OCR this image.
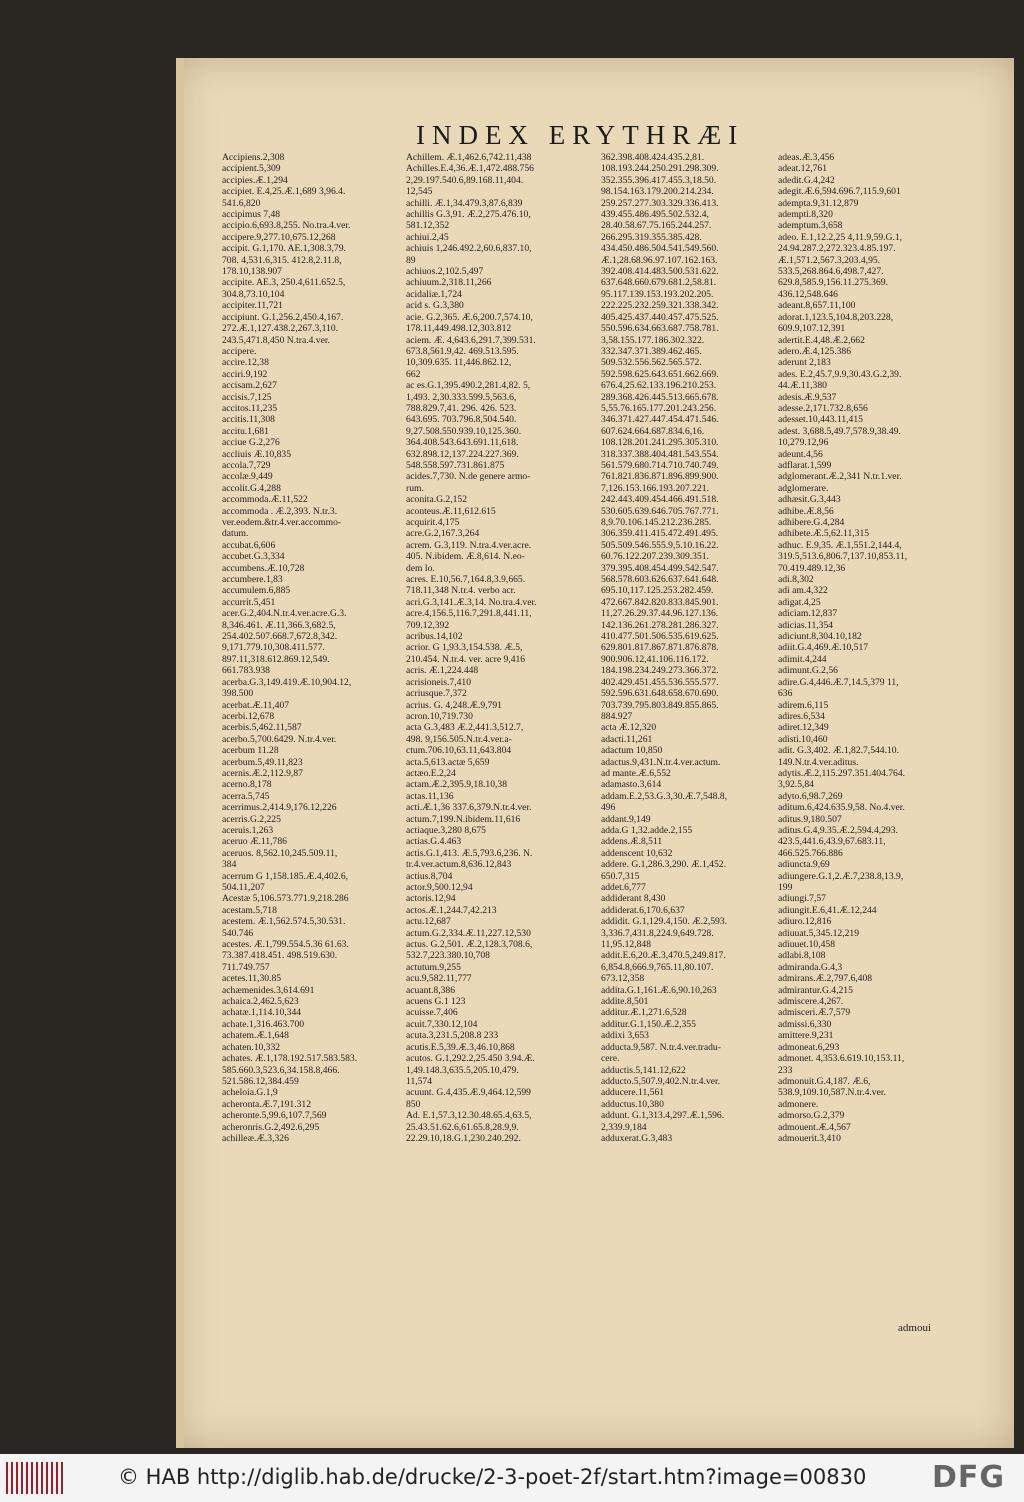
INDEX ERYTHRÆI

Accipiens.2,308

accipient.5,309

accipies.Æ.1,294

accipiet. E.4,25.Æ.1,689 3,96.4.

541.6,820

accipimus 7,48

accipio.6,693.8,255. No.tra.4.ver.

accipere.9,277.10,675.12,268

accipit. G.1,170. AE.1,308.3,79.

708. 4,531.6,315. 412.8,2.11.8,

178.10,138.907

accipite. AE.3, 250.4,611.652.5,

304.8,73.10,104

accipiter.11,721

accipiunt. G.1,256.2,450.4,167.

272.Æ.1,127.438.2,267.3,110.

243.5,471.8,450 N.tra.4.ver.

accipere.

accire.12,38

acciri.9,192

accisam.2,627

accisis.7,125

accitos.11,235

accitis.11,308

accitu.1,681

acciue G.2,276

accliuis Æ.10,835

accola.7,729

accolæ.9,449

accolit.G.4,288

accommoda.Æ.11,522

accommoda . Æ.2,393. N.tr.3.

ver.eodem.&tr.4.ver.accommo-

datum.

accubat.6,606

accubet.G.3,334

accumbens.Æ.10,728

accumbere.1,83

accumulem.6,885

accurrit.5,451

acer.G.2,404.N.tr.4.ver.acre.G.3.

8,346.461. Æ.11,366.3,682.5,

254.402.507.668.7,672.8,342.

9,171.779.10,308.411.577.

897.11,318.612.869.12,549.

661.783.938

acerba.G.3,149.419.Æ.10,904.12,

398.500

acerbat.Æ.11,407

acerbi.12,678

acerbis.5,462.11,587

acerbo.5,700.6429. N.tr.4.ver.

acerbum 11.28

acerbum.5,49.11,823

acernis.Æ.2,112.9,87

acerno.8,178

acerra.5,745

acerrimus.2,414.9,176.12,226

acerris.G.2,225

aceruis.1,263

aceruo Æ.11,786

aceruos. 8,562.10,245.509.11,

384

acerrum G 1,158.185.Æ.4,402.6,

504.11,207

Acestæ 5,106.573.771.9,218.286

acestam.5,718

acestem. Æ.1,562.574.5,30.531.

540.746

acestes. Æ.1,799.554.5.36 61.63.

73.387.418.451. 498.519.630.

711.749.757

acetes.11,30.85

achæmenides.3,614.691

achaica.2,462.5,623

achatæ.1,114.10,344

achate.1,316.463.700

achatem.Æ.1,648

achaten.10,332

achates. Æ.1,178.192.517.583.583.

585.660.3,523.6,34.158.8,466.

521.586.12,384.459

acheloia.G.1,9

acheronta.Æ.7,191.312

acheronte.5,99.6,107.7,569

acheronris.G.2,492.6,295

achilleæ.Æ.3,326

Achillem. Æ.1,462.6,742.11,438

Achilles.E.4,36.Æ.1,472.488.756

2,29.197.540.6,89.168.11,404.

12,545

achilli. Æ.1,34.479.3,87.6,839

achillis G.3,91. Æ.2,275.476.10,

581.12,352

achiui.2,45

achiuis 1,246.492.2,60.6,837.10,

89

achiuos.2,102.5,497

achiuum.2,318.11,266

acidaliæ.1,724

acid s. G.3,380

acie. G.2,365. Æ.6,200.7,574.10,

178.11,449.498.12,303.812

aciem. Æ. 4,643.6,291.7,399.531.

673.8,561.9,42. 469.513.595.

10,309.635. 11,446.862.12,

662

ac es.G.1,395.490.2,281.4,82. 5,

1,493. 2,30.333.599.5,563.6,

788.829.7,41. 296. 426. 523.

643.695. 703.796.8,504.540.

9,27.508.550.939.10,125.360.

364.408.543.643.691.11,618.

632.898.12,137.224.227.369.

548.558.597.731.861.875

acides.7,730. N.de genere armo-

rum.

aconita.G.2,152

aconteus.Æ.11,612.615

acquirit.4,175

acre.G.2,167.3,264

acrem. G.3,119. N.tra.4.ver.acre.

405. N.ibidem. Æ.8,614. N.eo-

dem lo.

acres. E.10,56.7,164.8,3.9,665.

718.11,348 N.tr.4. verbo acr.

acri.G.3,141.Æ.3,14. No.tra.4.ver.

acre.4,156.5,116.7,291.8,441.11,

709.12,392

acribus.14,102

acrior. G 1,93.3,154.538. Æ.5,

210.454. N.tr.4. ver. acre 9,416

acris. Æ.1,224.448

acrisioneis.7,410

acriusque.7,372

acrius. G. 4,248.Æ.9,791

acron.10,719.730

acta G.3,483 Æ.2,441.3,512.7,

498. 9,156.505.N.tr.4.ver.a-

ctum.706.10,63.11,643.804

acta.5,613.actæ 5,659

actæo.E.2,24

actam.Æ.2,395.9,18.10,38

actas.11,136

acti.Æ.1,36 337.6,379.N.tr.4.ver.

actum.7,199.N.ibidem.11,616

actiaque.3,280 8,675

actias.G.4.463

actis.G.1,413. Æ.5,793.6,236. N.

tr.4.ver.actum.8,636.12,843

actius.8,704

actor.9,500.12,94

actoris.12,94

actos.Æ.1,244.7,42.213

actu.12,687

actum.G.2,334.Æ.11,227.12,530

actus. G.2,501. Æ.2,128.3,708.6,

532.7,223.380.10,708

actutum.9,255

acu.9,582.11,777

acuant.8,386

acuens G.1 123

acuisse.7,406

acuit.7,330.12,104

acuta.3,231.5,208.8 233

acutis.E.5,39.Æ.3,46.10,868

acutos. G.1,292.2,25.450 3.94.Æ.

1,49.148.3,635.5,205.10,479.

11,574

acuunt. G.4,435.Æ.9,464.12,599

850

Ad. E.1,57.3,12.30.48.65.4,63.5,

25.43.51.62.6,61.65.8,28.9,9.

22.29.10,18.G.1,230.240.292.

362.398.408.424.435.2,81.

108.193.244.250.291.298.309.

352.355.396.417.455.3,18.50.

98.154.163.179.200.214.234.

259.257.277.303.329.336.413.

439.455.486.495.502.532.4,

28.40.58.67.75.165.244.257.

266.295.319.355.385.428.

434.450.486.504.541.549.560.

Æ.1,28.68.96.97.107.162.163.

392.408.414.483.500.531.622.

637.648.660.679.681.2,58.81.

95.117.139.153.193.202.205.

222.225.232.259.321.338.342.

405.425.437.440.457.475.525.

550.596.634.663.687.758.781.

3,58.155.177.186.302.322.

332.347.371.389.462.465.

509.532.556.562.565.572.

592.598.625.643.651.662.669.

676.4,25.62.133.196.210.253.

289.368.426.445.513.665.678.

5,55.76.165.177.201.243.256.

346.371.427.447.454.471.546.

607.624.664.687.834.6,16.

108.128.201.241.295.305.310.

318.337.388.404.481.543.554.

561.579.680.714.710.740.749.

761.821.836.871.896.899.900.

7,126.153.166.193.207.221.

242.443.409.454.466.491.518.

530.605.639.646.705.767.771.

8,9.70.106.145.212.236.285.

306.359.411.415.472.491.495.

505.509.546.555.9,5.10.16.22.

60.76.122.207.239.309.351.

379.395.408.454.499.542.547.

568.578.603.626.637.641.648.

695.10,117.125.253.282.459.

472.667.842.820.833.845.901.

11,27.26.29.37.44.96.127.136.

142.136.261.278.281.286.327.

410.477.501.506.535.619.625.

629.801.817.867.871.876.878.

900.906.12,41.106.116.172.

184.198.234.249.273.366.372.

402.429.451.455.536.555.577.

592.596.631.648.658.670.690.

703.739.795.803.849.855.865.

884.927

acta Æ.12,320

adacti.11,261

adactum 10,850

adactus.9,431.N.tr.4.ver.actum.

ad mante.Æ.6,552

adamasto.3,614

addam.E.2,53.G.3,30.Æ.7,548.8,

496

addant.9,149

adda.G 1,32.adde.2,155

addens.Æ.8,511

addenscent 10,632

addere. G.1,286.3,290. Æ.1,452.

650.7,315

addet.6,777

addiderant 8,430

addiderat.6,170.6,637

addidit. G.1,129.4,150. Æ.2,593.

3,336.7,431.8,224.9,649.728.

11,95.12,848

addit.E.6,20.Æ.3,470.5,249.817.

6,854.8,666.9,765.11,80.107.

673.12,358

addita.G.1,161.Æ.6,90.10,263

addite.8,501

additur.Æ.1,271.6,528

additur.G.1,150.Æ.2,355

addixi 3,653

adducta.9,587. N.tr.4.ver.tradu-

cere.

adductis.5,141.12,622

adducto.5,507.9,402.N.tr.4.ver.

adducere.11,561

adductus.10,380

addunt. G.1,313.4,297.Æ.1,596.

2,339.9,184

adduxerat.G.3,483

adeas.Æ.3,456

adeat.12,761

adedit.G.4,242

adegit.Æ.6,594.696.7,115.9,601

adempta.9,31.12,879

adempti.8,320

ademptum.3,658

adeo. E.1,12.2,25 4,11.9,59.G.1,

24.94.287.2,272.323.4.85.197.

Æ.1,571.2,567.3,203.4,95.

533.5,268.864.6,498.7,427.

629.8,585.9,156.11.275.369.

436.12,548.646

adeant.8,657.11,100

adorat.1,123.5,104.8,203.228,

609.9,107.12,391

adertit.E.4,48.Æ.2,662

adero.Æ.4,125.386

aderunt 2,183

ades. E.2,45.7,9.9,30.43.G.2,39.

44.Æ.11,380

adesis.Æ.9,537

adesse.2,171.732.8,656

adesset.10,443.11,415

adest. 3,688.5,49.7,578.9,38.49.

10,279.12,96

adeunt.4,56

adflarat.1,599

adglomerant.Æ.2,341 N.tr.1.ver.

adglomerare.

adhæsit.G.3,443

adhibe.Æ.8,56

adhibere.G.4,284

adhibete.Æ.5,62.11,315

adhuc. E.9,35. Æ.1,551.2,144.4,

319.5,513.6,806.7,137.10,853.11,

70.419.489.12,36

adi.8,302

adi am.4,322

adigat.4,25

adiciam.12,837

adicias.11,354

adiciunt.8,304.10,182

adiit.G.4,469.Æ.10,517

adimit.4,244

adimunt.G.2,56

adire.G.4,446.Æ.7,14.5,379 11,

636

adirem.6,115

adires.6,534

adiret.12,349

adisti.10,460

adit. G.3,402. Æ.1,82.7,544.10.

149.N.tr.4.ver.aditus.

adytis.Æ.2,115.297.351.404.764.

3,92.5,84

adyto.6,98.7,269

aditum.6,424.635.9,58. No.4.ver.

aditus.9,180.507

aditus.G.4,9.35.Æ.2,594.4,293.

423.5,441.6,43.9,67.683.11,

466.525.766.886

adiuncta.9,69

adiungere.G.1,2.Æ.7,238.8,13.9,

199

adiungi.7,57

adiungit.E.6,41.Æ.12,244

adiuro.12,816

adiuuat.5,345.12,219

adiuuet.10,458

adlabi.8,108

admiranda.G.4,3

admirans.Æ.2,797.6,408

admirantur.G.4,215

admiscere.4,267.

admisceri.Æ.7,579

admissi.6,330

amittere.9,231

admoneat.6,293

admonet. 4,353.6.619.10,153.11,

233

admonuit.G.4,187. Æ.6,

538.9,109.10,587.N.tr.4.ver.

admonere.

admorso.G.2,379

admouent.Æ.4,567

admouerit.3,410

admoui

© HAB http://diglib.hab.de/drucke/2-3-poet-2f/start.htm?image=00830 DFG
